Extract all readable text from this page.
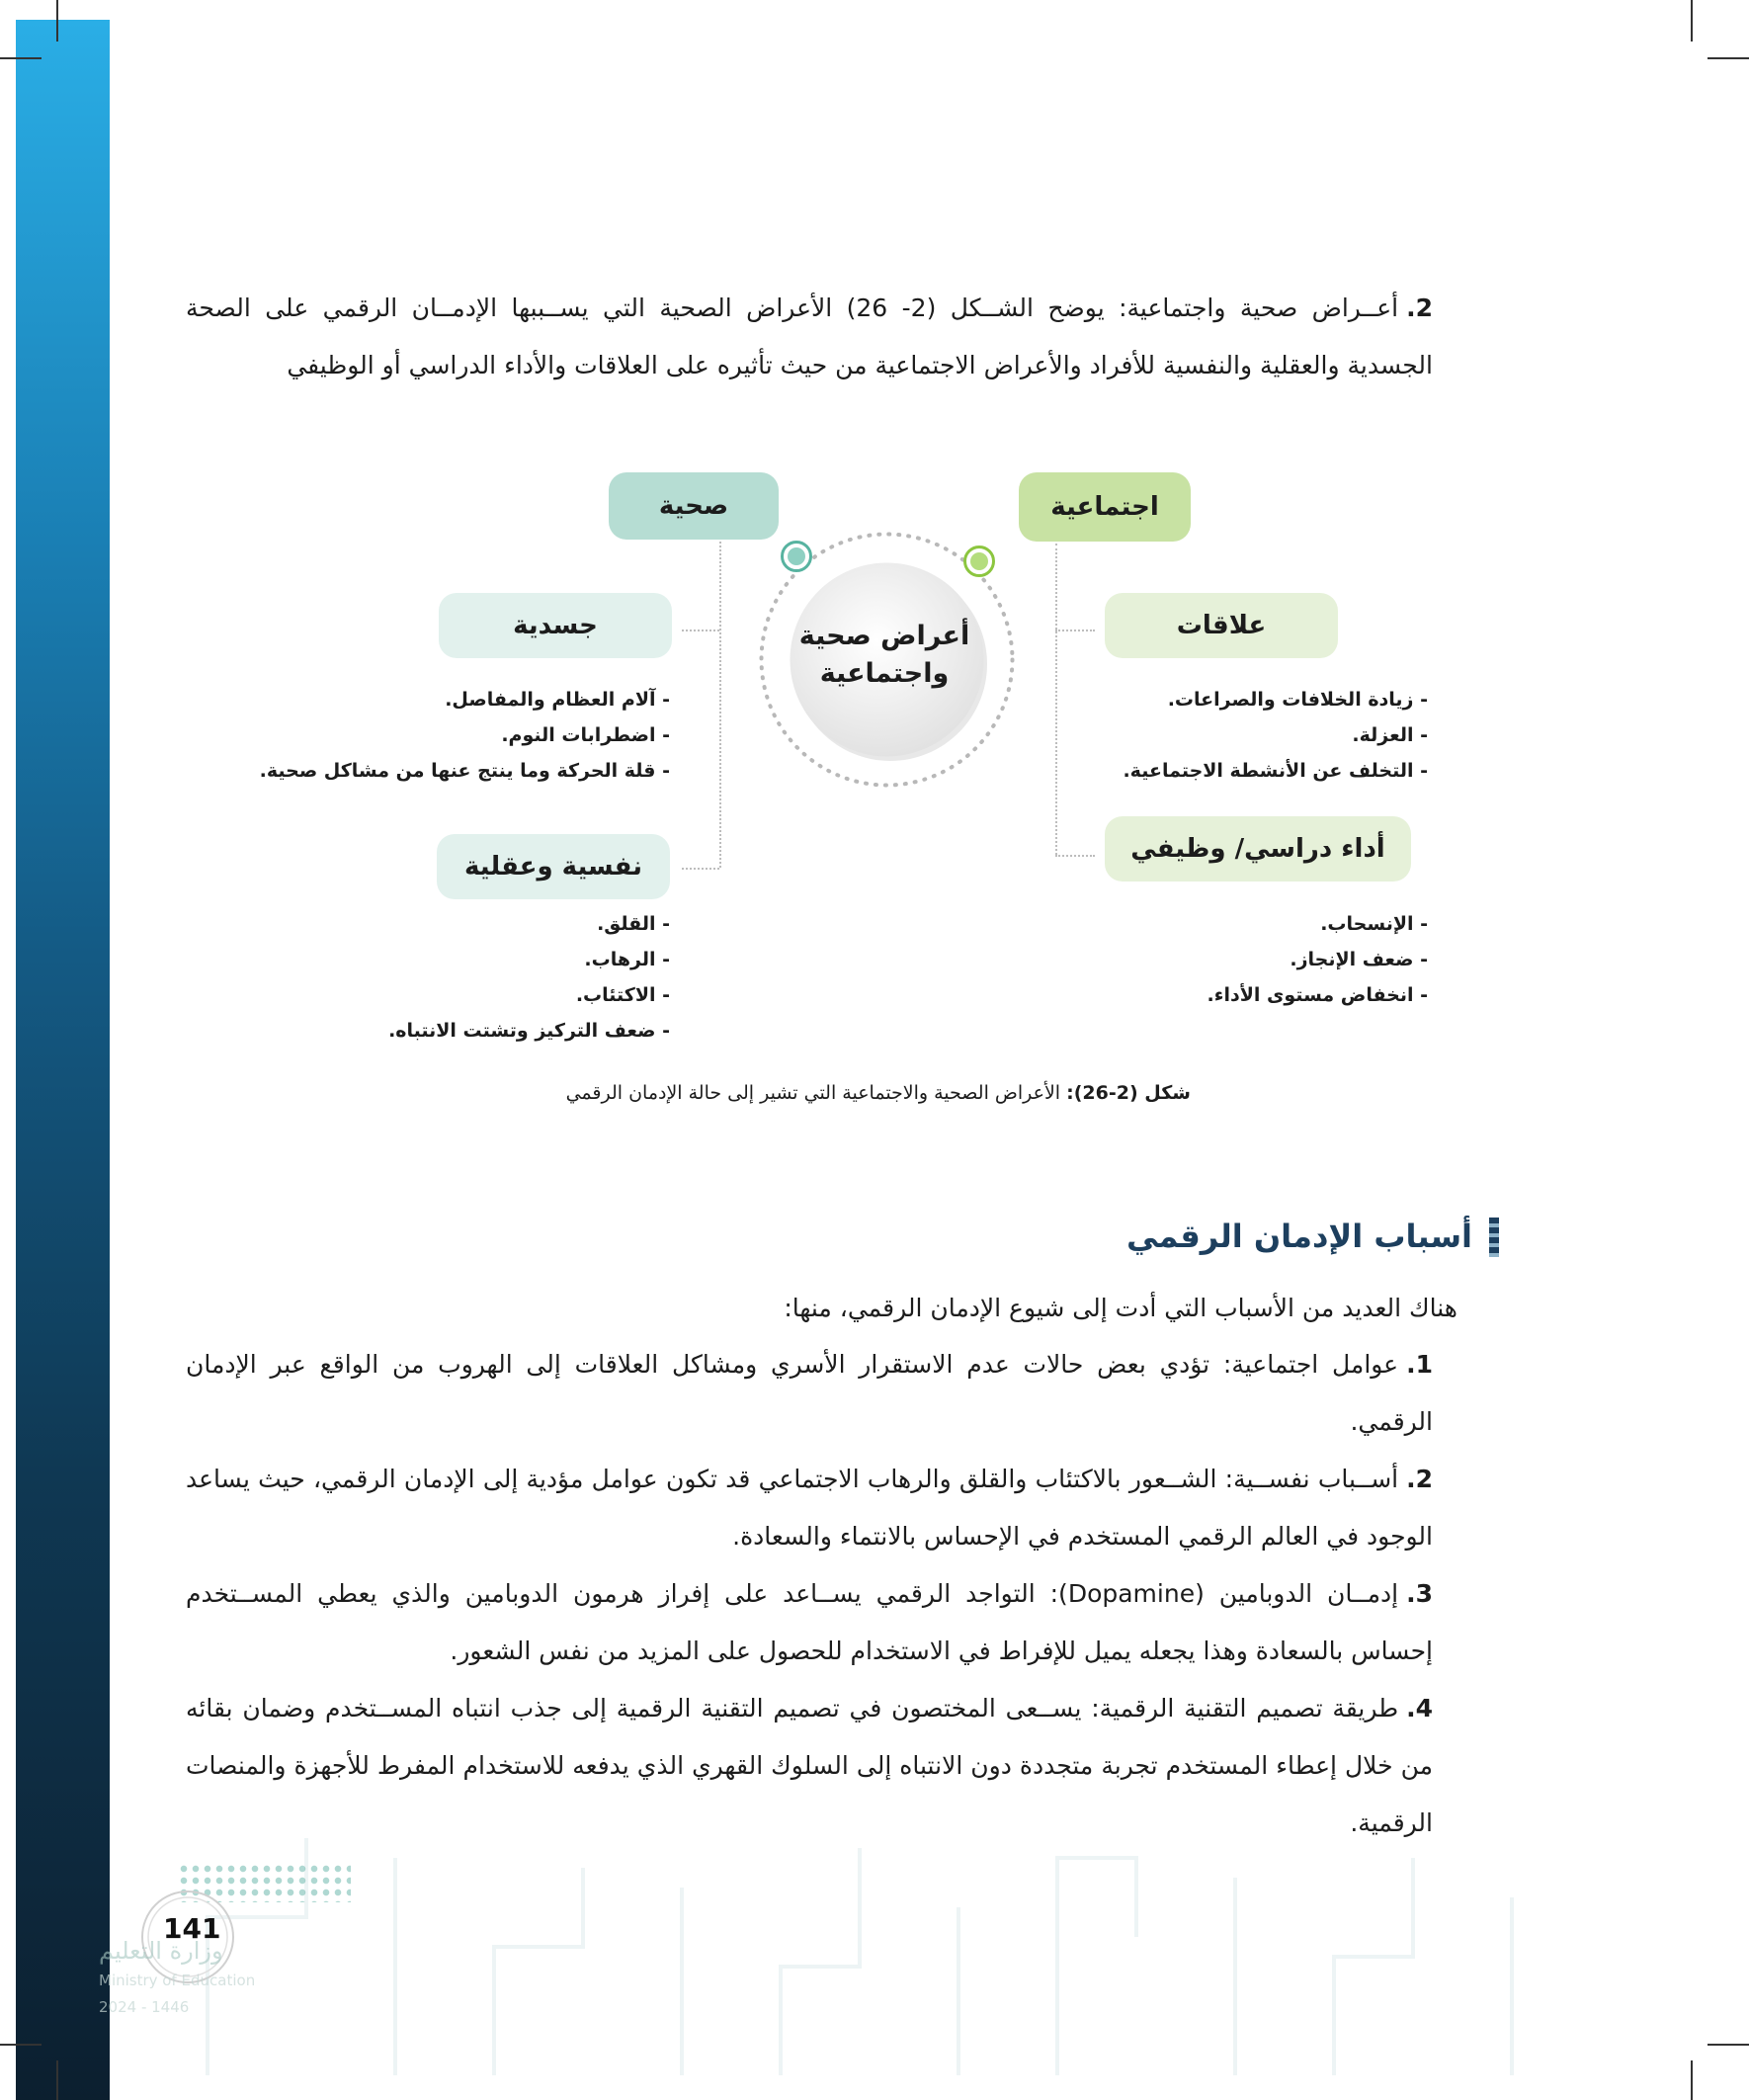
2.أعــراض صحية واجتماعية: يوضح الشــكل (2- 26) الأعراض الصحية التي يســببها الإدمــان الرقمي على الصحة الجسدية والعقلية والنفسية للأفراد والأعراض الاجتماعية من حيث تأثيره على العلاقات والأداء الدراسي أو الوظيفي

أعراض صحية
واجتماعية
صحية
جسدية
- آلام العظام والمفاصل.
- اضطرابات النوم.
- قلة الحركة وما ينتج عنها من مشاكل صحية.
نفسية وعقلية
- القلق.
- الرهاب.
- الاكتئاب.
- ضعف التركيز وتشتت الانتباه.
اجتماعية
علاقات
- زيادة الخلافات والصراعات.
- العزلة.
- التخلف عن الأنشطة الاجتماعية.
أداء دراسي/ وظيفي
- الإنسحاب.
- ضعف الإنجاز.
- انخفاض مستوى الأداء.
شكل (2-26): الأعراض الصحية والاجتماعية التي تشير إلى حالة الإدمان الرقمي
أسباب الإدمان الرقمي

هناك العديد من الأسباب التي أدت إلى شيوع الإدمان الرقمي، منها:

1.عوامل اجتماعية: تؤدي بعض حالات عدم الاستقرار الأسري ومشاكل العلاقات إلى الهروب من الواقع عبر الإدمان الرقمي.

2.أســباب نفســية: الشــعور بالاكتئاب والقلق والرهاب الاجتماعي قد تكون عوامل مؤدية إلى الإدمان الرقمي، حيث يساعد الوجود في العالم الرقمي المستخدم في الإحساس بالانتماء والسعادة.

3.إدمــان الدوبامين (Dopamine): التواجد الرقمي يســاعد على إفراز هرمون الدوبامين والذي يعطي المســتخدم إحساس بالسعادة وهذا يجعله يميل للإفراط في الاستخدام للحصول على المزيد من نفس الشعور.

4.طريقة تصميم التقنية الرقمية: يســعى المختصون في تصميم التقنية الرقمية إلى جذب انتباه المســتخدم وضمان بقائه من خلال إعطاء المستخدم تجربة متجددة دون الانتباه إلى السلوك القهري الذي يدفعه للاستخدام المفرط للأجهزة والمنصات الرقمية.

141
وزارة التعليم
Ministry of Education
2024 - 1446
